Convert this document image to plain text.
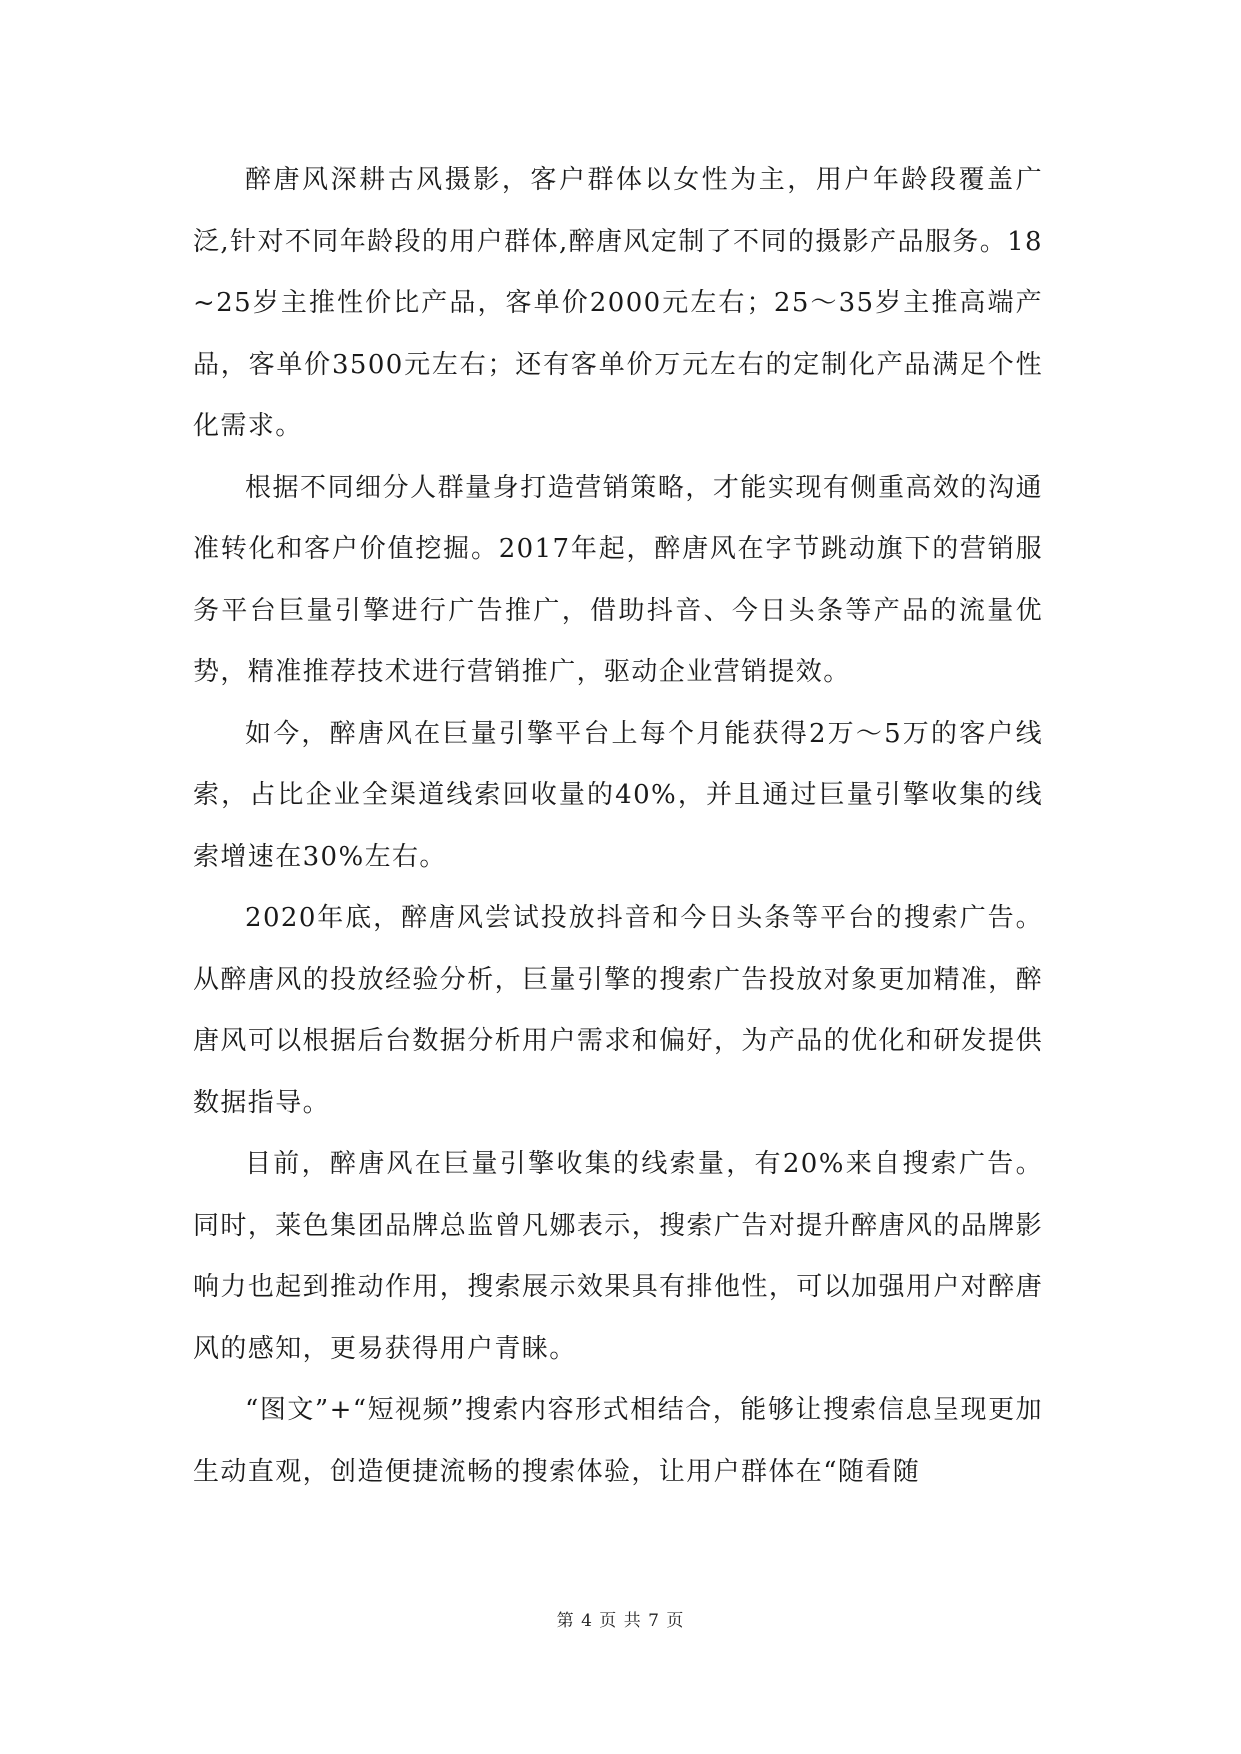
醉唐风深耕古风摄影，客户群体以女性为主，用户年龄段覆盖广泛,针对不同年龄段的用户群体,醉唐风定制了不同的摄影产品服务。18~25岁主推性价比产品，客单价2000元左右；25～35岁主推高端产品，客单价3500元左右；还有客单价万元左右的定制化产品满足个性化需求。

根据不同细分人群量身打造营销策略，才能实现有侧重高效的沟通准转化和客户价值挖掘。2017年起，醉唐风在字节跳动旗下的营销服务平台巨量引擎进行广告推广，借助抖音、今日头条等产品的流量优势，精准推荐技术进行营销推广，驱动企业营销提效。

如今，醉唐风在巨量引擎平台上每个月能获得2万～5万的客户线索，占比企业全渠道线索回收量的40%，并且通过巨量引擎收集的线索增速在30%左右。

2020年底，醉唐风尝试投放抖音和今日头条等平台的搜索广告。从醉唐风的投放经验分析，巨量引擎的搜索广告投放对象更加精准，醉唐风可以根据后台数据分析用户需求和偏好，为产品的优化和研发提供数据指导。

目前，醉唐风在巨量引擎收集的线索量，有20%来自搜索广告。同时，莱色集团品牌总监曾凡娜表示，搜索广告对提升醉唐风的品牌影响力也起到推动作用，搜索展示效果具有排他性，可以加强用户对醉唐风的感知，更易获得用户青睐。

“图文”+“短视频”搜索内容形式相结合，能够让搜索信息呈现更加生动直观，创造便捷流畅的搜索体验，让用户群体在“随看随

第 4 页 共 7 页
